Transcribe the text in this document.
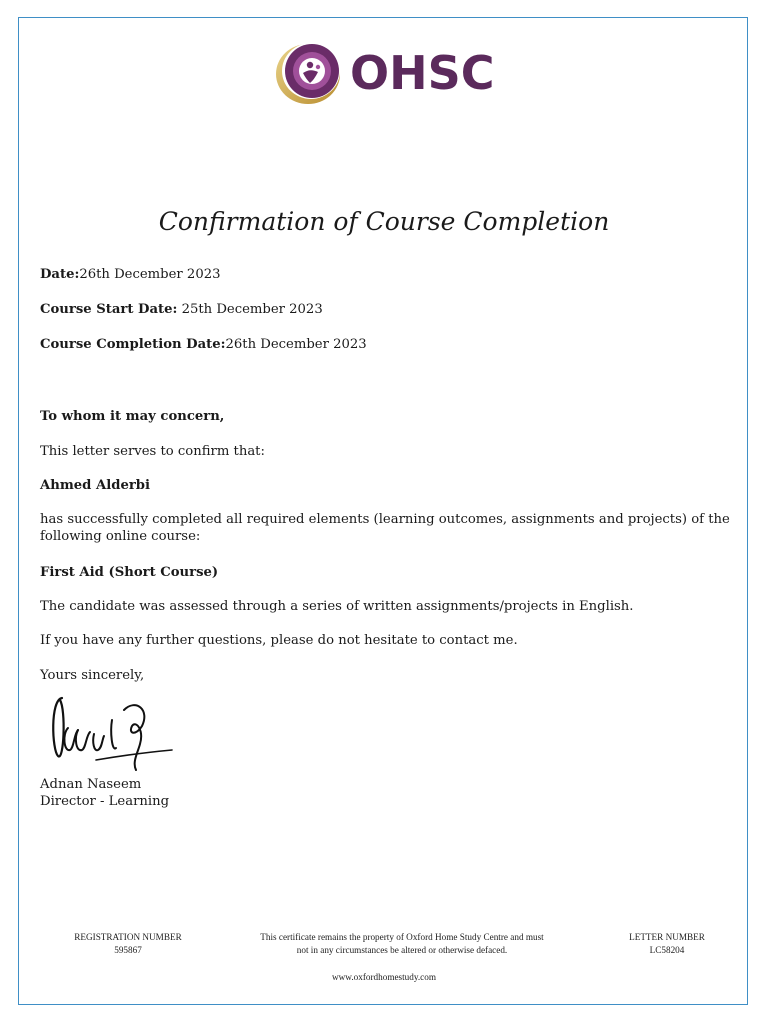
OHSC
Confirmation of Course Completion
Date:26th December 2023
Course Start Date: 25th December 2023
Course Completion Date:26th December 2023
To whom it may concern,
This letter serves to confirm that:
Ahmed Alderbi
has successfully completed all required elements (learning outcomes, assignments and projects) of the following online course:
First Aid (Short Course)
The candidate was assessed through a series of written assignments/projects in English.
If you have any further questions, please do not hesitate to contact me.
Yours sincerely,
Adnan Naseem
Director - Learning
REGISTRATION NUMBER
595867
This certificate remains the property of Oxford Home Study Centre and must
not in any circumstances be altered or otherwise defaced.
LETTER NUMBER
LC58204
www.oxfordhomestudy.com
